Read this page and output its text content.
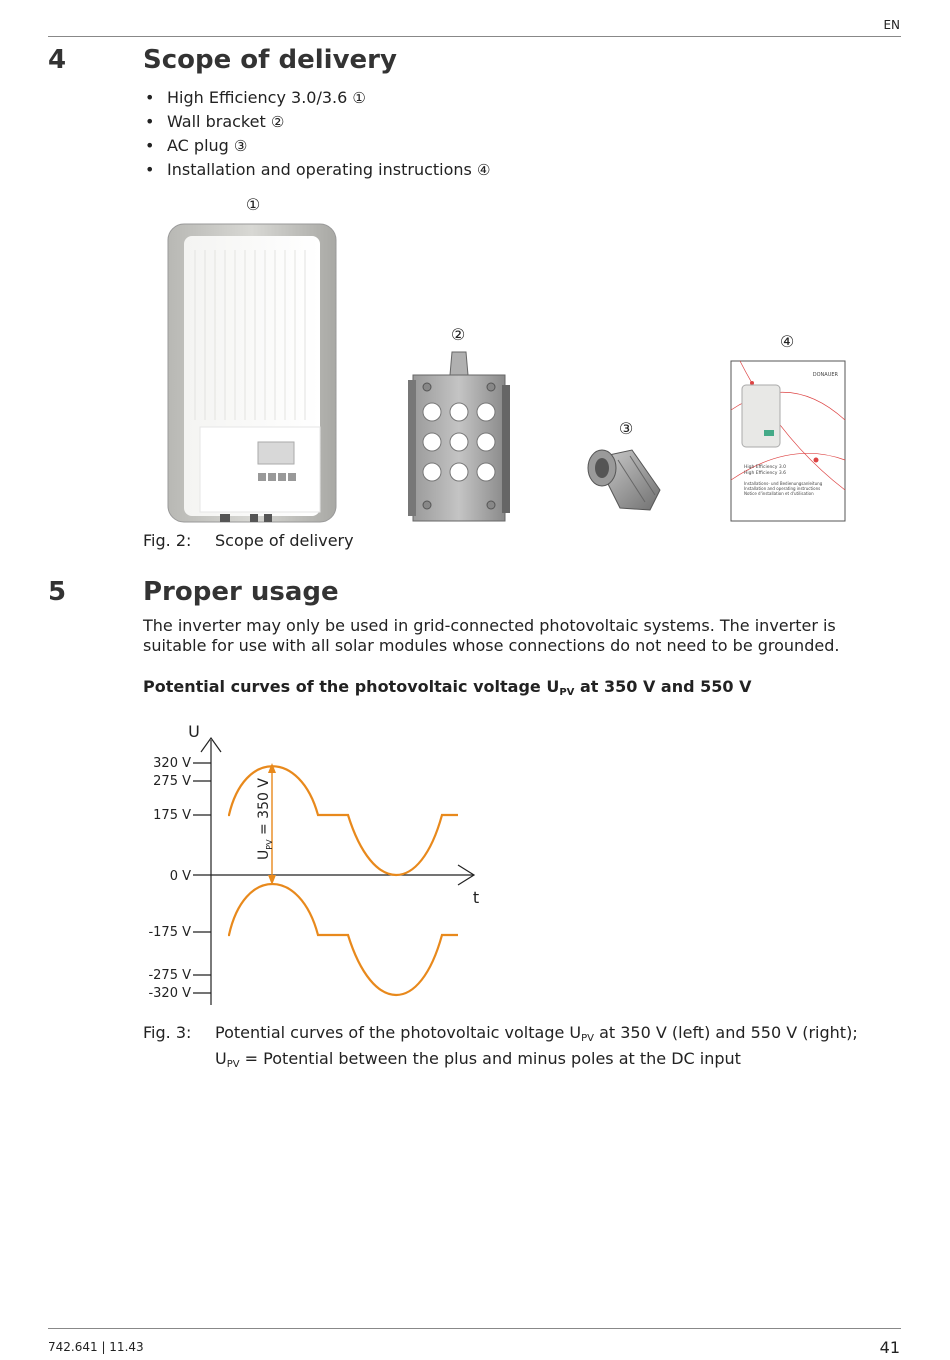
EN
4	Scope of delivery
• High Efficiency 3.0/3.6 ①
• Wall bracket ②
• AC plug ③
• Installation and operating instructions ④
①
②
③
④
DONAUER
High Efficiency 3.0
High Efficiency 3.6
Installations- und Bedienungsanleitung
Installation and operating instructions
Notice d'installation et d'utilisation
Fig. 2: Scope of delivery
5	Proper usage
The inverter may only be used in grid-connected photovoltaic systems. The inverter is suitable for use with all solar modules whose connections do not need to be grounded.
Potential curves of the photovoltaic voltage $U_{PV}$ at 350 V and 550 V
U
t
320 V
275 V
175 V
0 V
-175 V
-275 V
-320 V
$U_{PV} = 350$ V
Fig. 3: Potential curves of the photovoltaic voltage $U_{PV}$ at 350 V (left) and 550 V (right);
$U_{PV}$ = Potential between the plus and minus poles at the DC input
742.641 | 11.43	41
